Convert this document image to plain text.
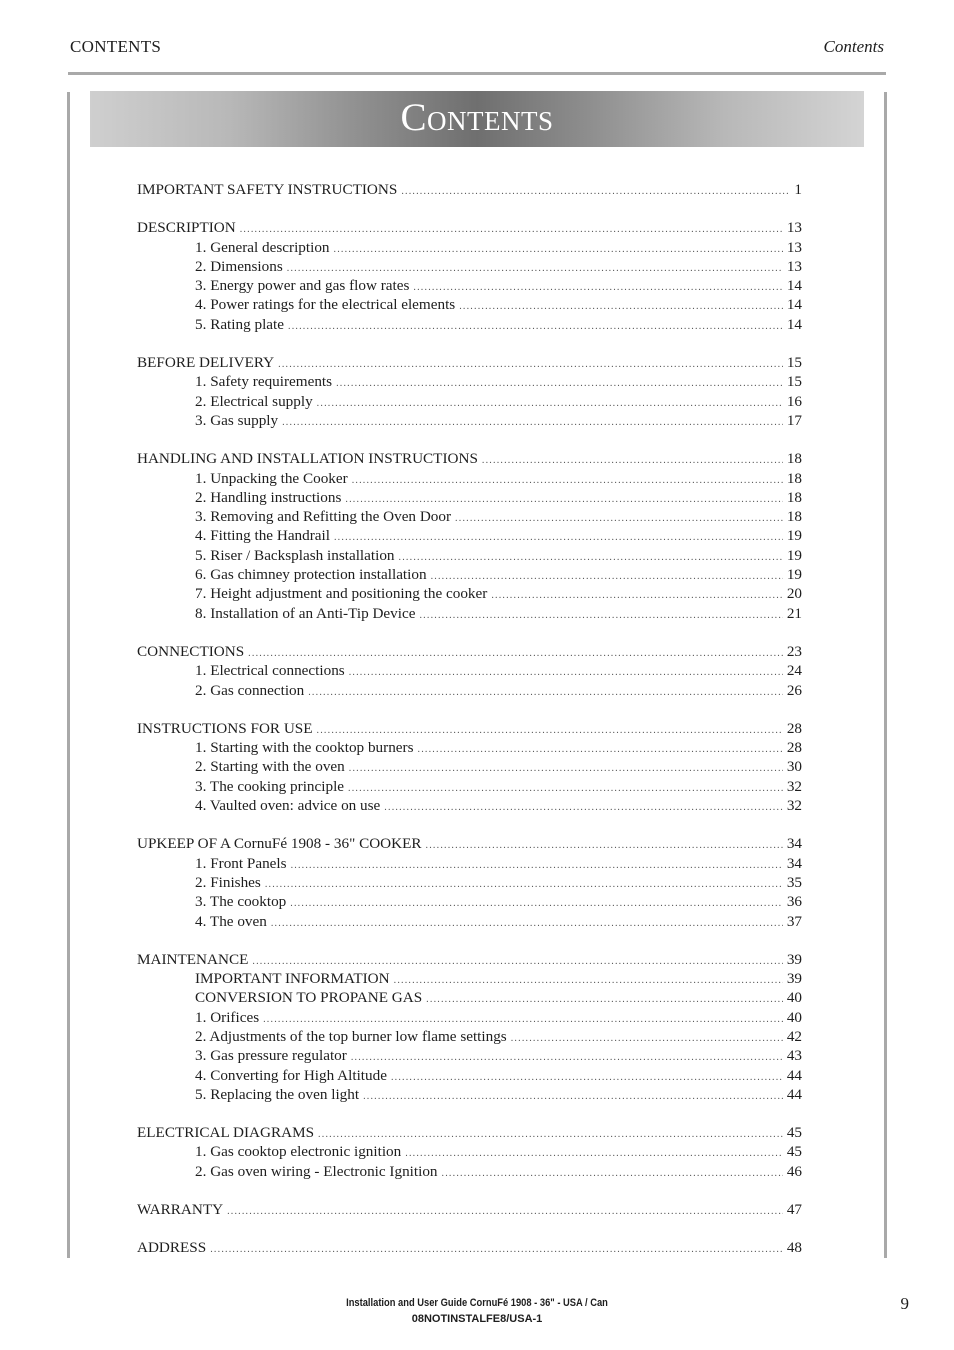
CONTENTS	Contents
Contents
IMPORTANT SAFETY INSTRUCTIONS .....	1
DESCRIPTION .....	13
1. General description .....	13
2. Dimensions .....	13
3. Energy power and gas flow rates .....	14
4. Power ratings for the electrical elements .....	14
5. Rating plate .....	14
BEFORE DELIVERY .....	15
1. Safety requirements .....	15
2. Electrical supply .....	16
3. Gas supply .....	17
HANDLING AND INSTALLATION INSTRUCTIONS .....	18
1. Unpacking the Cooker .....	18
2. Handling instructions .....	18
3. Removing and Refitting the Oven Door .....	18
4. Fitting the Handrail .....	19
5. Riser / Backsplash installation .....	19
6. Gas chimney protection installation .....	19
7. Height adjustment and positioning the cooker .....	20
8. Installation of an Anti-Tip Device .....	21
CONNECTIONS .....	23
1. Electrical connections .....	24
2. Gas connection .....	26
INSTRUCTIONS FOR USE .....	28
1. Starting with the cooktop burners .....	28
2. Starting with the oven .....	30
3. The cooking principle .....	32
4. Vaulted oven: advice on use .....	32
UPKEEP OF A CornuFé 1908 - 36" COOKER .....	34
1. Front Panels .....	34
2. Finishes .....	35
3. The cooktop .....	36
4. The oven .....	37
MAINTENANCE .....	39
IMPORTANT INFORMATION .....	39
CONVERSION TO PROPANE GAS .....	40
1. Orifices .....	40
2. Adjustments of the top burner low flame settings .....	42
3. Gas pressure regulator .....	43
4. Converting for High Altitude .....	44
5. Replacing the oven light .....	44
ELECTRICAL DIAGRAMS .....	45
1. Gas cooktop electronic ignition .....	45
2. Gas oven wiring - Electronic Ignition .....	46
WARRANTY .....	47
ADDRESS .....	48
Installation and User Guide CornuFé 1908 - 36" - USA / Can
08NOTINSTALFE8/USA-1
9
